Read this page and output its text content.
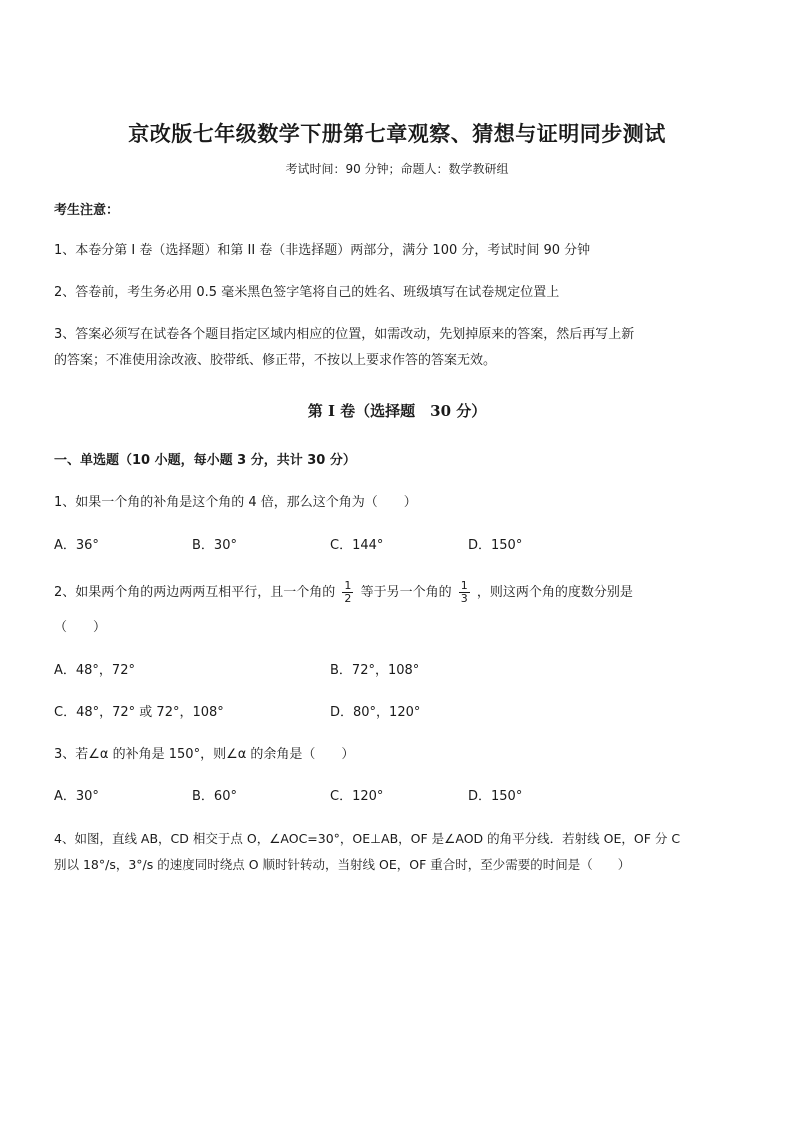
京改版七年级数学下册第七章观察、猜想与证明同步测试
考试时间：90 分钟；命题人：数学教研组
考生注意：
1、本卷分第 I 卷（选择题）和第 II 卷（非选择题）两部分，满分 100 分，考试时间 90 分钟
2、答卷前，考生务必用 0.5 毫米黑色签字笔将自己的姓名、班级填写在试卷规定位置上
3、答案必须写在试卷各个题目指定区域内相应的位置，如需改动，先划掉原来的答案，然后再写上新
的答案；不准使用涂改液、胶带纸、修正带，不按以上要求作答的答案无效。
第 I 卷（选择题　30 分）
一、单选题（10 小题，每小题 3 分，共计 30 分）
1、如果一个角的补角是这个角的 4 倍，那么这个角为（　　）
A．36°	B．30°	C．144°	D．150°
2、如果两个角的两边两两互相平行，且一个角的 $\frac{1}{2}$ 等于另一个角的 $\frac{1}{3}$ ，则这两个角的度数分别是
（　　）
A．48°，72°	B．72°，108°
C．48°，72° 或 72°，108°	D．80°，120°
3、若∠α 的补角是 150°，则∠α 的余角是（　　）
A．30°	B．60°	C．120°	D．150°
4、如图，直线 AB，CD 相交于点 O，∠AOC=30°，OE⊥AB，OF 是∠AOD 的角平分线．若射线 OE，OF 分 C
别以 18°/s，3°/s 的速度同时绕点 O 顺时针转动，当射线 OE，OF 重合时，至少需要的时间是（　　）
